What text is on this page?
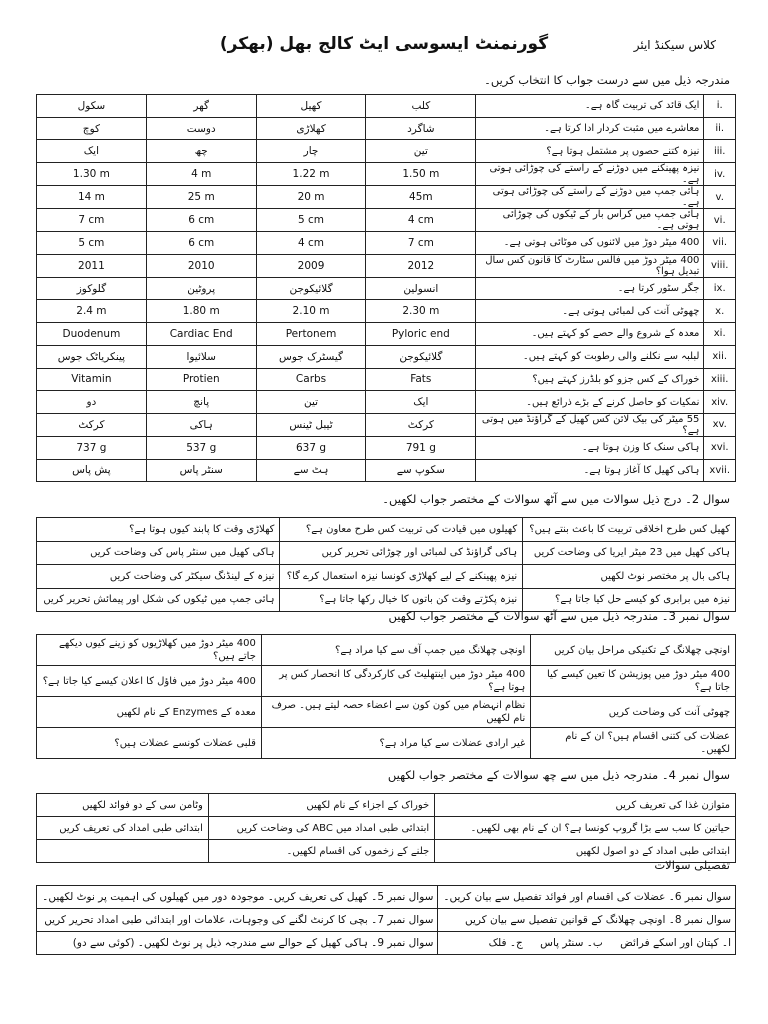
گورنمنٹ ایسوسی ایٹ کالج بھل (بھکر)	کلاس سیکنڈ ایئر
مندرجہ ذیل میں سے درست جواب کا انتخاب کریں۔
سکول	گھر	کھیل	کلب	ایک قائد کی تربیت گاہ ہے۔	i.
کوچ	دوست	کھلاڑی	شاگرد	معاشرے میں مثبت کردار ادا کرتا ہے۔	ii.
ایک	چھ	چار	تین	نیزہ کتنے حصوں پر مشتمل ہوتا ہے؟	iii.
1.30 m	4 m	1.22 m	1.50 m	نیزہ پھینکنے میں دوڑنے کے راستے کی چوڑائی ہوتی ہے۔	iv.
14 m	25 m	20 m	45m	ہائی جمپ میں دوڑنے کے راستے کی چوڑائی ہوتی ہے۔	v.
7 cm	6 cm	5 cm	4 cm	ہائی جمپ میں کراس بار کے ٹیکوں کی چوڑائی ہوتی ہے۔	vi.
5 cm	6 cm	4 cm	7 cm	400 میٹر دوڑ میں لائنوں کی موٹائی ہوتی ہے۔	vii.
2011	2010	2009	2012	400 میٹر دوڑ میں فالس سٹارٹ کا قانون کس سال تبدیل ہوا؟	viii.
گلوکوز	پروٹین	گلائیکوجن	انسولین	جگر سٹور کرتا ہے۔	ix.
2.4 m	1.80 m	2.10 m	2.30 m	چھوٹی آنت کی لمبائی ہوتی ہے۔	x.
Duodenum	Cardiac End	Pertonem	Pyloric end	معدہ کے شروع والے حصے کو کہتے ہیں۔	xi.
پینکریاٹک جوس	سلائیوا	گیسٹرک جوس	گلائیکوجن	لبلبہ سے نکلنے والی رطوبت کو کہتے ہیں۔	xii.
Vitamin	Protien	Carbs	Fats	خوراک کے کس جزو کو بلڈرز کہتے ہیں؟	xiii.
دو	پانچ	تین	ایک	نمکیات کو حاصل کرنے کے بڑے ذرائع ہیں۔	xiv.
کرکٹ	ہاکی	ٹیبل ٹینس	کرکٹ	55 میٹر کی بیک لائن کس کھیل کے گراؤنڈ میں ہوتی ہے؟	xv.
737 g	537 g	637 g	791 g	ہاکی سنک کا وزن ہوتا ہے۔	xvi.
پش پاس	سنٹر پاس	ہٹ سے	سکوپ سے	ہاکی کھیل کا آغاز ہوتا ہے۔	xvii.
سوال 2۔ درج ذیل سوالات میں سے آٹھ سوالات کے مختصر جواب لکھیں۔
کھلاڑی وقت کا پابند کیوں ہوتا ہے؟	کھیلوں میں قیادت کی تربیت کس طرح معاون ہے؟	کھیل کس طرح اخلاقی تربیت کا باعث بنتے ہیں؟
ہاکی کھیل میں سنٹر پاس کی وضاحت کریں	ہاکی گراؤنڈ کی لمبائی اور چوڑائی تحریر کریں	ہاکی کھیل میں 23 میٹر ایریا کی وضاحت کریں
نیزہ کے لینڈنگ سیکٹر کی وضاحت کریں	نیزہ پھینکنے کے لیے کھلاڑی کونسا نیزہ استعمال کرے گا؟	ہاکی بال پر مختصر نوٹ لکھیں
ہائی جمپ میں ٹیکوں کی شکل اور پیمائش تحریر کریں	نیزہ پکڑتے وقت کن باتوں کا خیال رکھا جاتا ہے؟	نیزہ میں برابری کو کیسے حل کیا جاتا ہے؟
سوال نمبر 3۔ مندرجہ ذیل میں سے آٹھ سوالات کے مختصر جواب لکھیں
400 میٹر دوڑ میں کھلاڑیوں کو زینے کیوں دیکھے جاتے ہیں؟	اونچی چھلانگ میں جمپ آف سے کیا مراد ہے؟	اونچی چھلانگ کے تکنیکی مراحل بیان کریں
400 میٹر دوڑ میں فاؤل کا اعلان کیسے کیا جاتا ہے؟	400 میٹر دوڑ میں اینتھلیٹ کی کارکردگی کا انحصار کس پر ہوتا ہے؟	400 میٹر دوڑ میں پوزیشن کا تعین کیسے کیا جاتا ہے؟
معدہ کے Enzymes کے نام لکھیں	نظام انہضام میں کون کون سے اعضاء حصہ لیتے ہیں۔ صرف نام لکھیں	چھوٹی آنت کی وضاحت کریں
قلبی عضلات کونسے عضلات ہیں؟	غیر ارادی عضلات سے کیا مراد ہے؟	عضلات کی کتنی اقسام ہیں؟ ان کے نام لکھیں۔
سوال نمبر 4۔ مندرجہ ذیل میں سے چھ سوالات کے مختصر جواب لکھیں
وٹامن سی کے دو فوائد لکھیں	خوراک کے اجزاء کے نام لکھیں	متوازن غذا کی تعریف کریں
ابتدائی طبی امداد کی تعریف کریں	ابتدائی طبی امداد میں ABC کی وضاحت کریں	حیاتین کا سب سے بڑا گروپ کونسا ہے؟ ان کے نام بھی لکھیں۔
	جلنے کے زخموں کی اقسام لکھیں۔	ابتدائی طبی امداد کے دو اصول لکھیں
تفصیلی سوالات
سوال نمبر 5۔ کھیل کی تعریف کریں۔ موجودہ دور میں کھیلوں کی اہمیت پر نوٹ لکھیں۔	سوال نمبر 6۔ عضلات کی اقسام اور فوائد تفصیل سے بیان کریں۔
سوال نمبر 7۔ بچی کا کرنٹ لگنے کی وجوہات، علامات اور ابتدائی طبی امداد تحریر کریں	سوال نمبر 8۔ اونچی چھلانگ کے قوانین تفصیل سے بیان کریں
سوال نمبر 9۔ ہاکی کھیل کے حوالے سے مندرجہ ذیل پر نوٹ لکھیں۔ (کوئی سے دو)	ا۔ کپتان اور اسکے فرائض ب۔ سنٹر پاس ج۔ فلک
